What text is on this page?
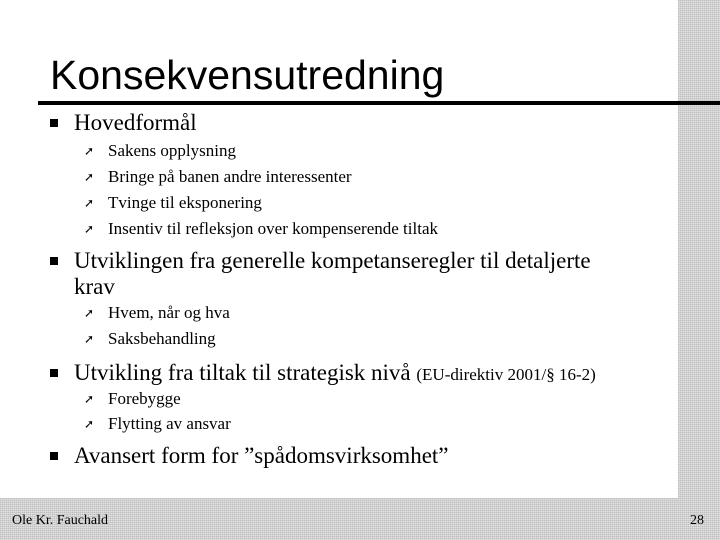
Konsekvensutredning
Hovedformål
➚ Sakens opplysning
➚ Bringe på banen andre interessenter
➚ Tvinge til eksponering
➚ Insentiv til refleksjon over kompenserende tiltak
Utviklingen fra generelle kompetanseregler til detaljerte krav
➚ Hvem, når og hva
➚ Saksbehandling
Utvikling fra tiltak til strategisk nivå (EU-direktiv 2001/§ 16-2)
➚ Forebygge
➚ Flytting av ansvar
Avansert form for ”spådomsvirksomhet”
Ole Kr. Fauchald	28
